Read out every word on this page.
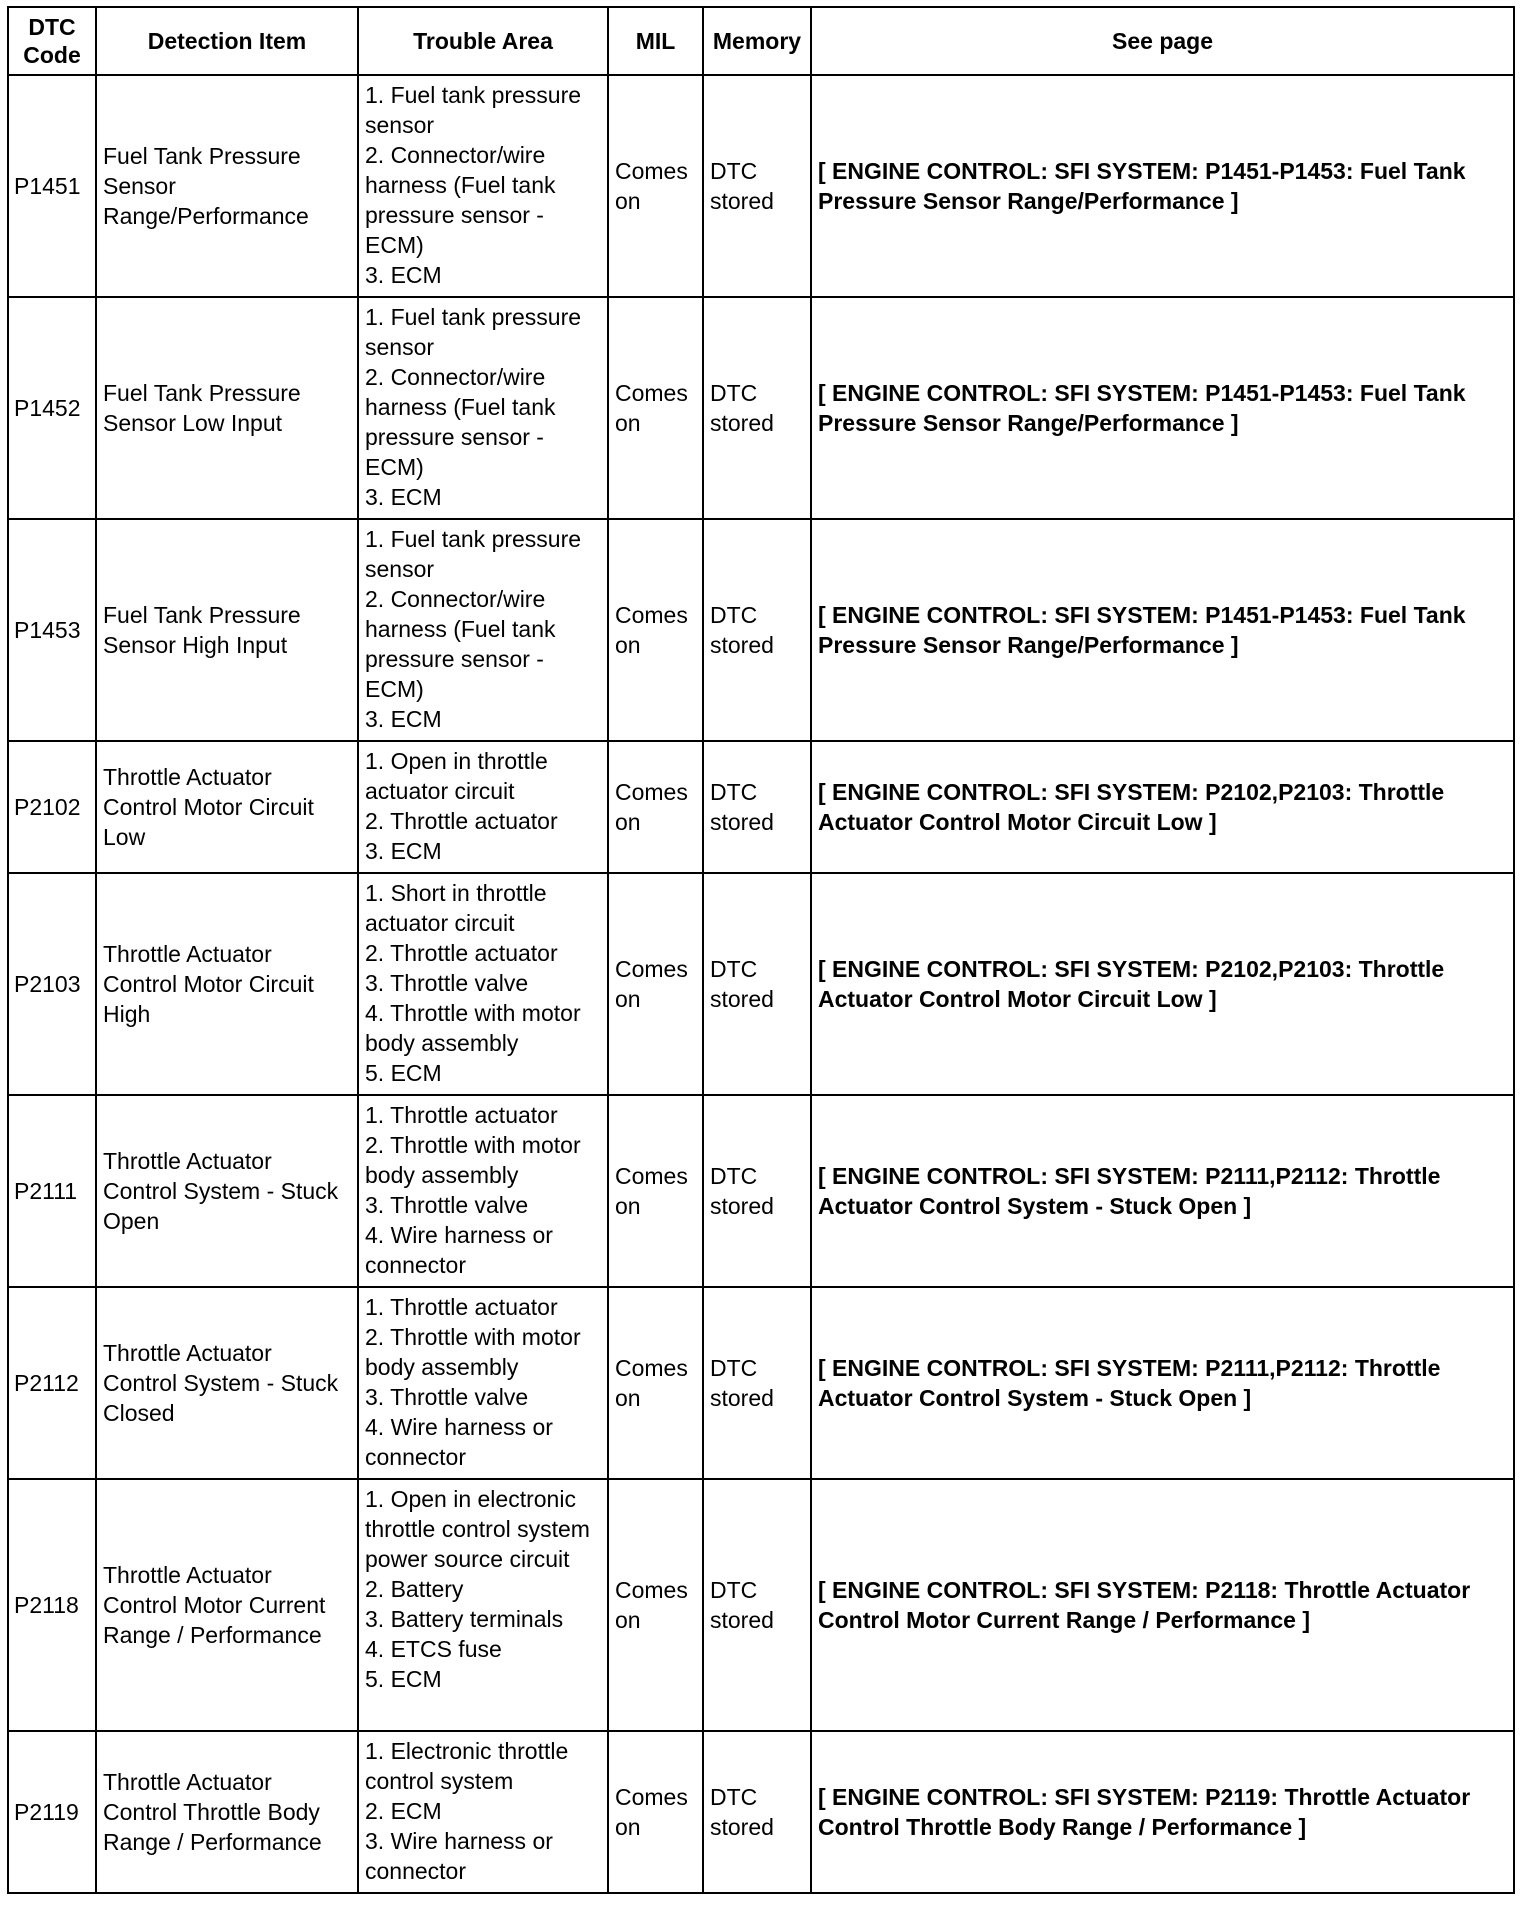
DTC Code	Detection Item	Trouble Area	MIL	Memory	See page
P1451	Fuel Tank Pressure Sensor Range/Performance	1. Fuel tank pressure sensor
2. Connector/wire harness (Fuel tank pressure sensor - ECM)
3. ECM	Comes on	DTC stored	[ ENGINE CONTROL: SFI SYSTEM: P1451-P1453: Fuel Tank Pressure Sensor Range/Performance ]
P1452	Fuel Tank Pressure Sensor Low Input	1. Fuel tank pressure sensor
2. Connector/wire harness (Fuel tank pressure sensor - ECM)
3. ECM	Comes on	DTC stored	[ ENGINE CONTROL: SFI SYSTEM: P1451-P1453: Fuel Tank Pressure Sensor Range/Performance ]
P1453	Fuel Tank Pressure Sensor High Input	1. Fuel tank pressure sensor
2. Connector/wire harness (Fuel tank pressure sensor - ECM)
3. ECM	Comes on	DTC stored	[ ENGINE CONTROL: SFI SYSTEM: P1451-P1453: Fuel Tank Pressure Sensor Range/Performance ]
P2102	Throttle Actuator Control Motor Circuit Low	1. Open in throttle actuator circuit
2. Throttle actuator
3. ECM	Comes on	DTC stored	[ ENGINE CONTROL: SFI SYSTEM: P2102,P2103: Throttle Actuator Control Motor Circuit Low ]
P2103	Throttle Actuator Control Motor Circuit High	1. Short in throttle actuator circuit
2. Throttle actuator
3. Throttle valve
4. Throttle with motor body assembly
5. ECM	Comes on	DTC stored	[ ENGINE CONTROL: SFI SYSTEM: P2102,P2103: Throttle Actuator Control Motor Circuit Low ]
P2111	Throttle Actuator Control System - Stuck Open	1. Throttle actuator
2. Throttle with motor body assembly
3. Throttle valve
4. Wire harness or connector	Comes on	DTC stored	[ ENGINE CONTROL: SFI SYSTEM: P2111,P2112: Throttle Actuator Control System - Stuck Open ]
P2112	Throttle Actuator Control System - Stuck Closed	1. Throttle actuator
2. Throttle with motor body assembly
3. Throttle valve
4. Wire harness or connector	Comes on	DTC stored	[ ENGINE CONTROL: SFI SYSTEM: P2111,P2112: Throttle Actuator Control System - Stuck Open ]
P2118	Throttle Actuator Control Motor Current Range / Performance	1. Open in electronic throttle control system power source circuit
2. Battery
3. Battery terminals
4. ETCS fuse
5. ECM	Comes on	DTC stored	[ ENGINE CONTROL: SFI SYSTEM: P2118: Throttle Actuator Control Motor Current Range / Performance ]
P2119	Throttle Actuator Control Throttle Body Range / Performance	1. Electronic throttle control system
2. ECM
3. Wire harness or connector	Comes on	DTC stored	[ ENGINE CONTROL: SFI SYSTEM: P2119: Throttle Actuator Control Throttle Body Range / Performance ]
